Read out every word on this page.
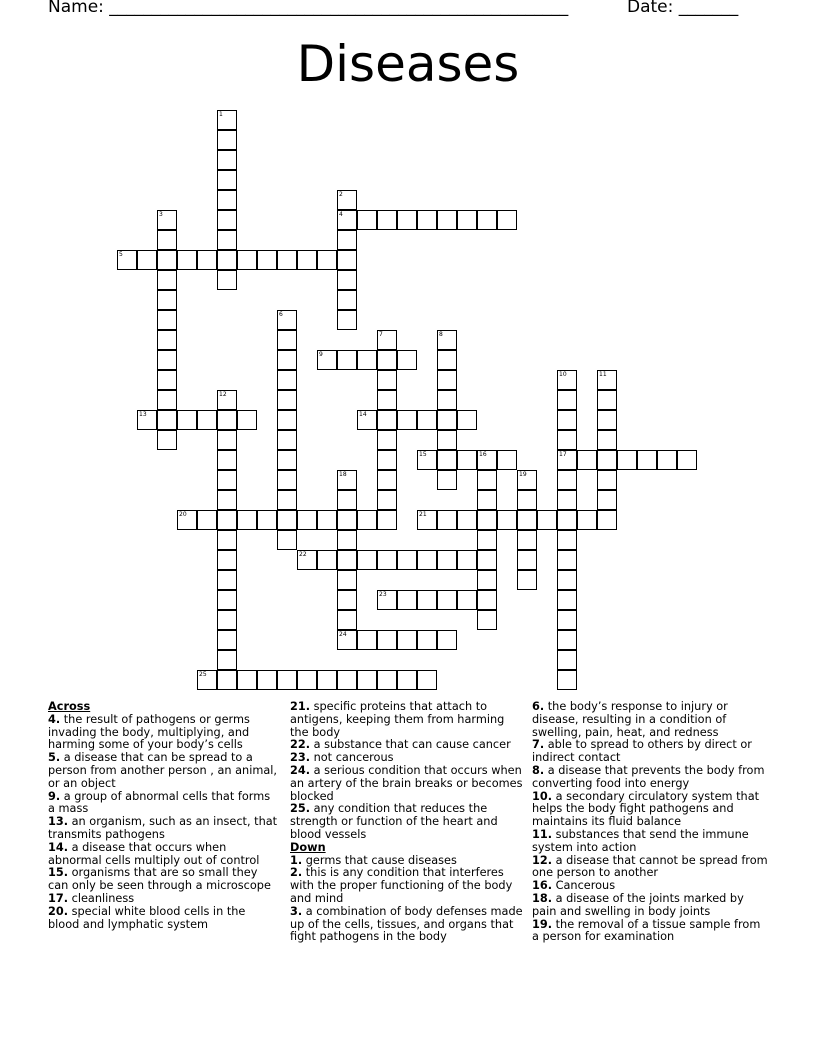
Name: ______________________________________________________	Date: _______
Diseases
1
2
4
3
5
6
7	8
9
10
17
11
12
13	14
15	16
18
24
19
20	21
22
23
25

Across

4. the result of pathogens or germs invading the body, multiplying, and harming some of your body’s cells

5. a disease that can be spread to a person from another person , an animal, or an object

9. a group of abnormal cells that forms a mass

13. an organism, such as an insect, that transmits pathogens

14. a disease that occurs when abnormal cells multiply out of control

15. organisms that are so small they can only be seen through a microscope

17. cleanliness

20. special white blood cells in the blood and lymphatic system

21. specific proteins that attach to antigens, keeping them from harming the body

22. a substance that can cause cancer

23. not cancerous

24. a serious condition that occurs when an artery of the brain breaks or becomes blocked

25. any condition that reduces the strength or function of the heart and blood vessels

Down

1. germs that cause diseases

2. this is any condition that interferes with the proper functioning of the body and mind

3. a combination of body defenses made up of the cells, tissues, and organs that fight pathogens in the body

6. the body’s response to injury or disease, resulting in a condition of swelling, pain, heat, and redness

7. able to spread to others by direct or indirect contact

8. a disease that prevents the body from converting food into energy

10. a secondary circulatory system that helps the body fight pathogens and maintains its fluid balance

11. substances that send the immune system into action

12. a disease that cannot be spread from one person to another

16. Cancerous

18. a disease of the joints marked by pain and swelling in body joints

19. the removal of a tissue sample from a person for examination
